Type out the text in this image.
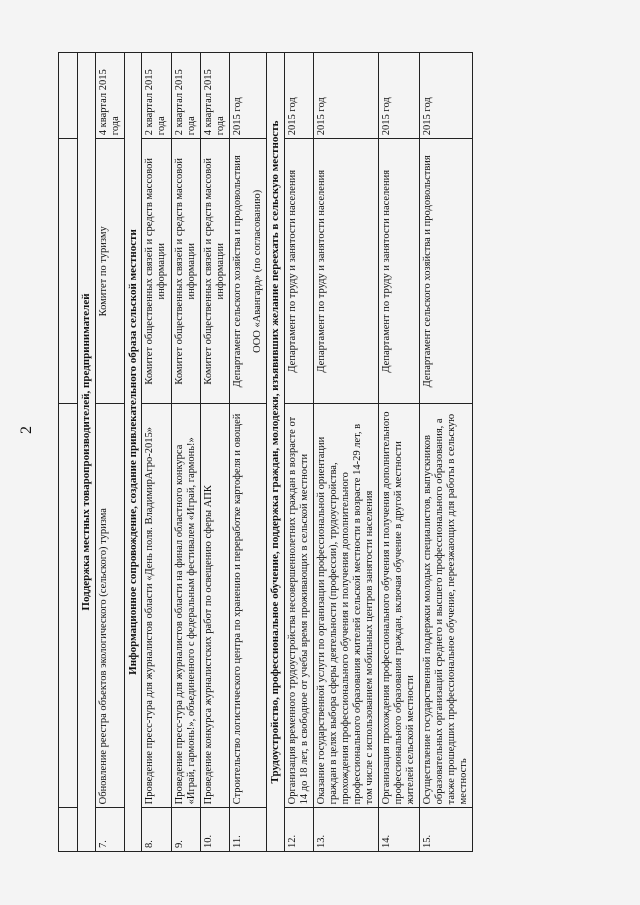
2
				Поддержка местных товаропроизводителей, предпринимателей			
7.	Обновление реестра объектов экологического (сельского) туризма	Комитет по туризму	4 квартал 2015 года
Информационное сопровождение, создание привлекательного образа сельской местности			
8.	Проведение пресс-тура для журналистов области «День поля. ВладимирАгро-2015»	Комитет общественных связей и средств массовой информации	2 квартал 2015 года
9.	Проведение пресс-тура для журналистов области на финал областного конкурса «Играй, гармонь!», объединенного с федеральным фестивалем «Играй, гармонь!»	Комитет общественных связей и средств массовой информации	2 квартал 2015 года
10.	Проведение конкурса журналистских работ по освещению сферы АПК	Комитет общественных связей и средств массовой информации	4 квартал 2015 года
11.	Строительство логистического центра по хранению и переработке картофеля и овощей	Департамент сельского хозяйства и продовольствия ООО «Авангард» (по согласованию)	2015 год
Трудоустройство, профессиональное обучение, поддержка граждан, молодежи, изъявивших желание переехать в сельскую местность			
12.	Организация временного трудоустройства несовершеннолетних граждан в возрасте от 14 до 18 лет, в свободное от учебы время проживающих в сельской местности	Департамент по труду и занятости населения	2015 год
13.	Оказание государственной услуги по организации профессиональной ориентации граждан в целях выбора сферы деятельности (профессии), трудоустройства, прохождения профессионального обучения и получения дополнительного профессионального образования жителей сельской местности в возрасте 14-29 лет, в том числе с использованием мобильных центров занятости населения	Департамент по труду и занятости населения	2015 год
14.	Организация прохождения профессионального обучения и получения дополнительного профессионального образования граждан, включая обучение в другой местности жителей сельской местности	Департамент по труду и занятости населения	2015 год
15.	Осуществление государственной поддержки молодых специалистов, выпускников образовательных организаций среднего и высшего профессионального образования, а также прошедших профессиональное обучение, переезжающих для работы в сельскую местность	Департамент сельского хозяйства и продовольствия	2015 год
